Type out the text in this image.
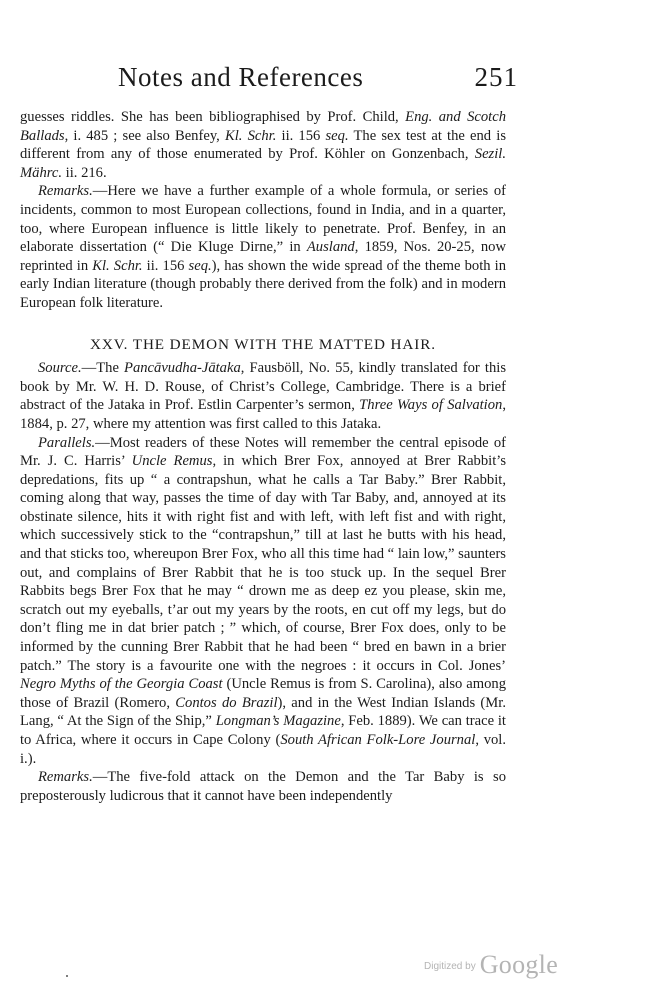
Notes and References	251

guesses riddles. She has been bibliographised by Prof. Child, Eng. and Scotch Ballads, i. 485 ; see also Benfey, Kl. Schr. ii. 156 seq. The sex test at the end is different from any of those enumerated by Prof. Köhler on Gonzenbach, Sezil. Mährc. ii. 216.

Remarks.—Here we have a further example of a whole formula, or series of incidents, common to most European collections, found in India, and in a quarter, too, where European influence is little likely to penetrate. Prof. Benfey, in an elaborate dissertation (“ Die Kluge Dirne,” in Ausland, 1859, Nos. 20-25, now reprinted in Kl. Schr. ii. 156 seq.), has shown the wide spread of the theme both in early Indian literature (though probably there derived from the folk) and in modern European folk literature.

XXV. THE DEMON WITH THE MATTED HAIR.

Source.—The Pancāvudha-Jātaka, Fausböll, No. 55, kindly translated for this book by Mr. W. H. D. Rouse, of Christ’s College, Cambridge. There is a brief abstract of the Jataka in Prof. Estlin Carpenter’s sermon, Three Ways of Salvation, 1884, p. 27, where my attention was first called to this Jataka.

Parallels.—Most readers of these Notes will remember the central episode of Mr. J. C. Harris’ Uncle Remus, in which Brer Fox, annoyed at Brer Rabbit’s depredations, fits up “ a contrapshun, what he calls a Tar Baby.” Brer Rabbit, coming along that way, passes the time of day with Tar Baby, and, annoyed at its obstinate silence, hits it with right fist and with left, with left fist and with right, which successively stick to the “contrapshun,” till at last he butts with his head, and that sticks too, whereupon Brer Fox, who all this time had “ lain low,” saunters out, and complains of Brer Rabbit that he is too stuck up. In the sequel Brer Rabbits begs Brer Fox that he may “ drown me as deep ez you please, skin me, scratch out my eyeballs, t’ar out my years by the roots, en cut off my legs, but do don’t fling me in dat brier patch ; ” which, of course, Brer Fox does, only to be informed by the cunning Brer Rabbit that he had been “ bred en bawn in a brier patch.” The story is a favourite one with the negroes : it occurs in Col. Jones’ Negro Myths of the Georgia Coast (Uncle Remus is from S. Carolina), also among those of Brazil (Romero, Contos do Brazil), and in the West Indian Islands (Mr. Lang, “ At the Sign of the Ship,” Longman’s Magazine, Feb. 1889). We can trace it to Africa, where it occurs in Cape Colony (South African Folk-Lore Journal, vol. i.).

Remarks.—The five-fold attack on the Demon and the Tar Baby is so preposterously ludicrous that it cannot have been independently

$^{Digitized by}$ Google
